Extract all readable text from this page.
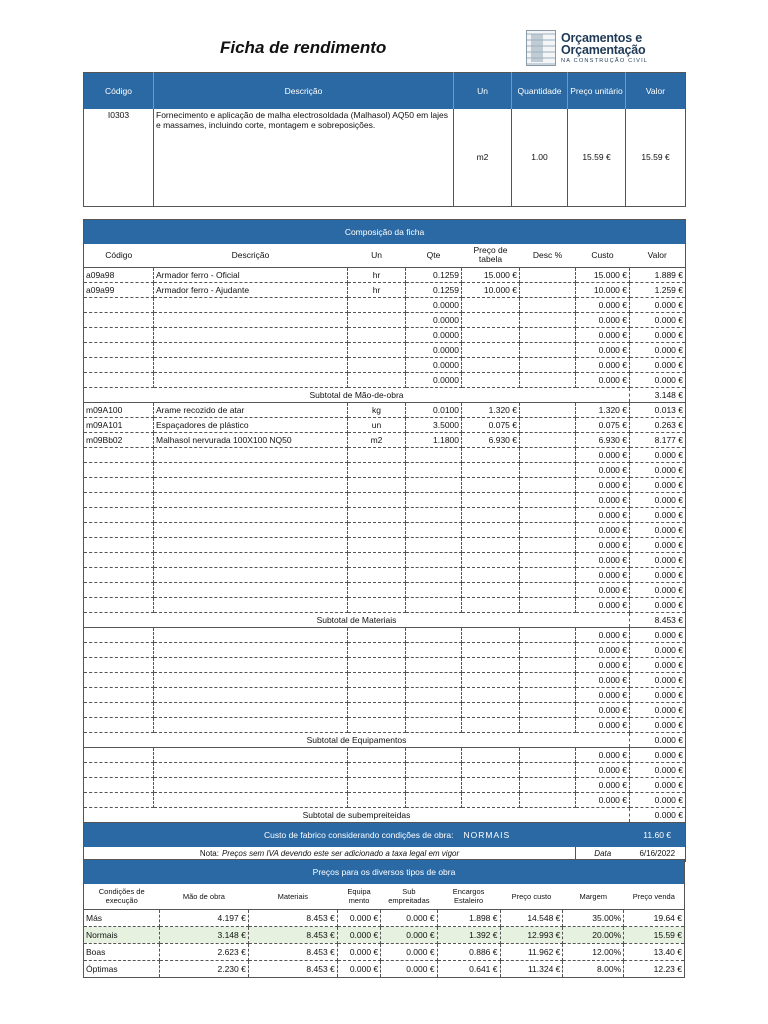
Ficha de rendimento	Orçamentos e
Orçamentação
NA CONSTRUÇÃO CIVIL
Código	Descrição	Un	Quantidade	Preço unitário	Valor
I0303	Fornecimento e aplicação de malha electrosoldada (Malhasol) AQ50 em lajes e massames, incluindo corte, montagem e sobreposições.	m2	1.00	15.59 €	15.59 €
Composição da ficha							
Código	Descrição	Un	Qte	Preço de tabela	Desc %	Custo	Valor
a09a98	Armador ferro - Oficial	hr	0.1259	15.000 €		15.000 €	1.889 €
a09a99	Armador ferro - Ajudante	hr	0.1259	10.000 €		10.000 €	1.259 €
			0.0000			0.000 €	0.000 €
			0.0000			0.000 €	0.000 €
			0.0000			0.000 €	0.000 €
			0.0000			0.000 €	0.000 €
			0.0000			0.000 €	0.000 €
			0.0000			0.000 €	0.000 €
Subtotal de Mão-de-obra							3.148 €
m09A100	Arame recozido de atar	kg	0.0100	1.320 €		1.320 €	0.013 €
m09A101	Espaçadores de plástico	un	3.5000	0.075 €		0.075 €	0.263 €
m09Bb02	Malhasol nervurada 100X100 NQ50	m2	1.1800	6.930 €		6.930 €	8.177 €
						0.000 €	0.000 €
						0.000 €	0.000 €
						0.000 €	0.000 €
						0.000 €	0.000 €
						0.000 €	0.000 €
						0.000 €	0.000 €
						0.000 €	0.000 €
						0.000 €	0.000 €
						0.000 €	0.000 €
						0.000 €	0.000 €
						0.000 €	0.000 €
Subtotal de Materiais							8.453 €
						0.000 €	0.000 €
						0.000 €	0.000 €
						0.000 €	0.000 €
						0.000 €	0.000 €
						0.000 €	0.000 €
						0.000 €	0.000 €
						0.000 €	0.000 €
Subtotal de Equipamentos							0.000 €
						0.000 €	0.000 €
						0.000 €	0.000 €
						0.000 €	0.000 €
						0.000 €	0.000 €
Subtotal de subempreiteidas							0.000 €
Custo de fabrico considerando condições de obra:				NORMAIS			11.60 €
Nota: Preços sem IVA devendo este ser adicionado a taxa legal em vigor						Data	6/16/2022
Preços para os diversos tipos de obra								
Condições de execução	Mão de obra	Materiais	Equipa mento	Sub empreitadas	Encargos Estaleiro	Preço custo	Margem	Preço venda
Más	4.197 €	8.453 €	0.000 €	0.000 €	1.898 €	14.548 €	35.00%	19.64 €
Normais	3.148 €	8.453 €	0.000 €	0.000 €	1.392 €	12.993 €	20.00%	15.59 €
Boas	2.623 €	8.453 €	0.000 €	0.000 €	0.886 €	11.962 €	12.00%	13.40 €
Óptimas	2.230 €	8.453 €	0.000 €	0.000 €	0.641 €	11.324 €	8.00%	12.23 €
